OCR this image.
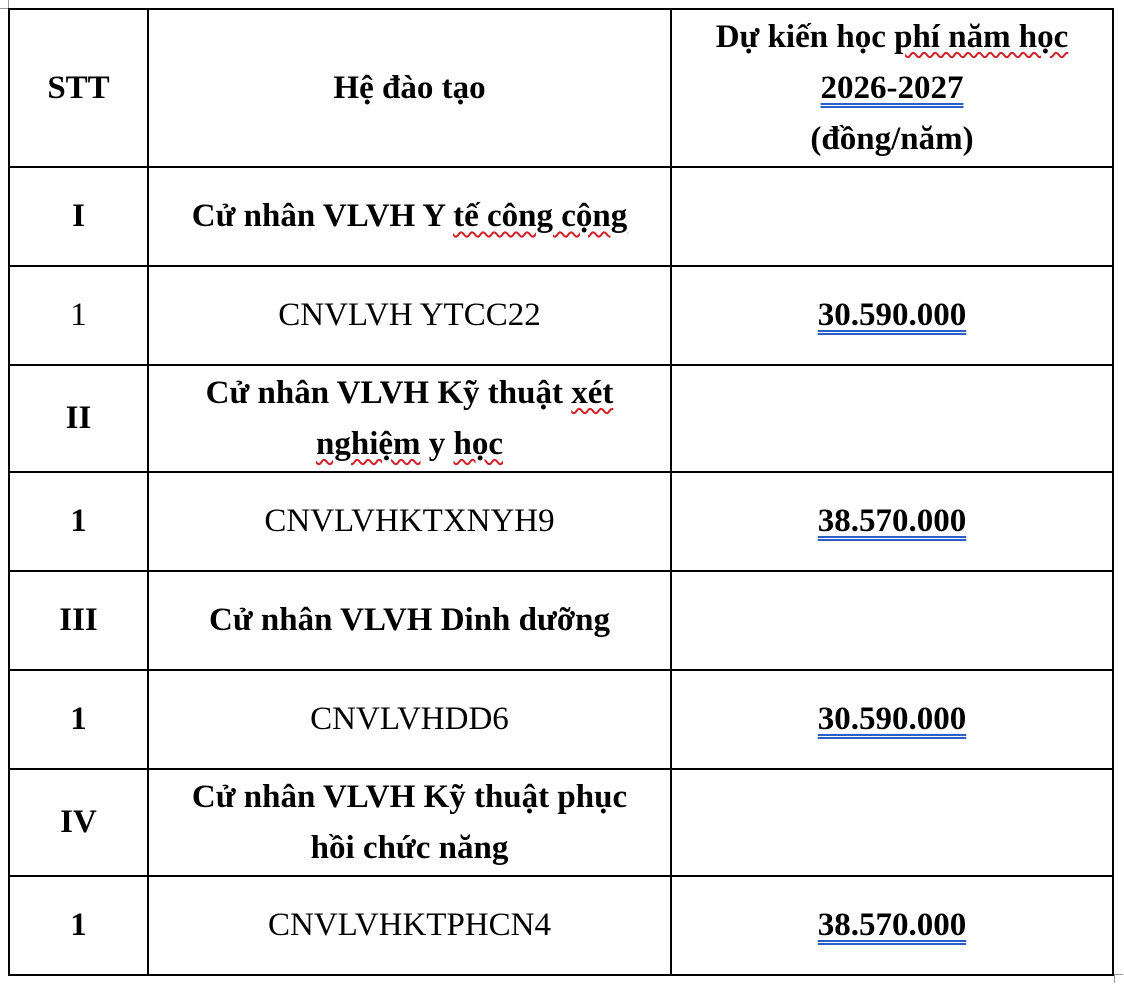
STT	Hệ đào tạo	Dự kiến học phí năm học
2026-2027
(đồng/năm)
I	Cử nhân VLVH Y tế công cộng	
1	CNVLVH YTCC22	30.590.000
II	Cử nhân VLVH Kỹ thuật xét
nghiệm y học	
1	CNVLVHKTXNYH9	38.570.000
III	Cử nhân VLVH Dinh dưỡng	
1	CNVLVHDD6	30.590.000
IV	Cử nhân VLVH Kỹ thuật phục
hồi chức năng	
1	CNVLVHKTPHCN4	38.570.000
